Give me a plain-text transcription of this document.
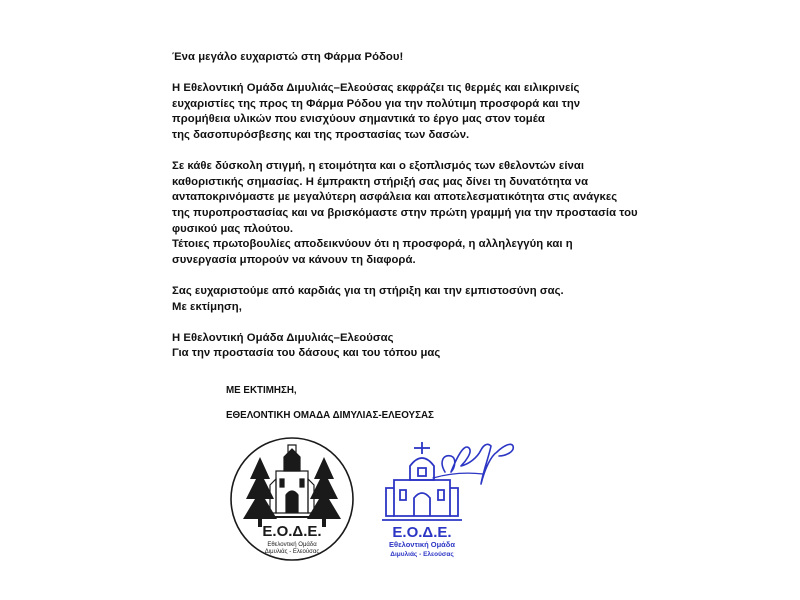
Ένα μεγάλο ευχαριστώ στη Φάρμα Ρόδου!

Η Εθελοντική Ομάδα Διμυλιάς–Ελεούσας εκφράζει τις θερμές και ειλικρινείς
ευχαριστίες της προς τη Φάρμα Ρόδου για την πολύτιμη προσφορά και την
προμήθεια υλικών που ενισχύουν σημαντικά το έργο μας στον τομέα
της δασοπυρόσβεσης και της προστασίας των δασών.

Σε κάθε δύσκολη στιγμή, η ετοιμότητα και ο εξοπλισμός των εθελοντών είναι
καθοριστικής σημασίας. Η έμπρακτη στήριξή σας μας δίνει τη δυνατότητα να
ανταποκρινόμαστε με μεγαλύτερη ασφάλεια και αποτελεσματικότητα στις ανάγκες
της πυροπροστασίας και να βρισκόμαστε στην πρώτη γραμμή για την προστασία του
φυσικού μας πλούτου.
Τέτοιες πρωτοβουλίες αποδεικνύουν ότι η προσφορά, η αλληλεγγύη και η
συνεργασία μπορούν να κάνουν τη διαφορά.

Σας ευχαριστούμε από καρδιάς για τη στήριξη και την εμπιστοσύνη σας.
Με εκτίμηση,

Η Εθελοντική Ομάδα Διμυλιάς–Ελεούσας
Για την προστασία του δάσους και του τόπου μας

ΜΕ ΕΚΤΙΜΗΣΗ,
ΕΘΕΛΟΝΤΙΚΗ ΟΜΑΔΑ ΔΙΜΥΛΙΑΣ-ΕΛΕΟΥΣΑΣ
Ε.Ο.Δ.Ε.
Εθελοντική Ομάδα
Διμυλιάς - Ελεούσας
Ε.Ο.Δ.Ε.
Εθελοντική Ομάδα
Διμυλιάς - Ελεούσας
